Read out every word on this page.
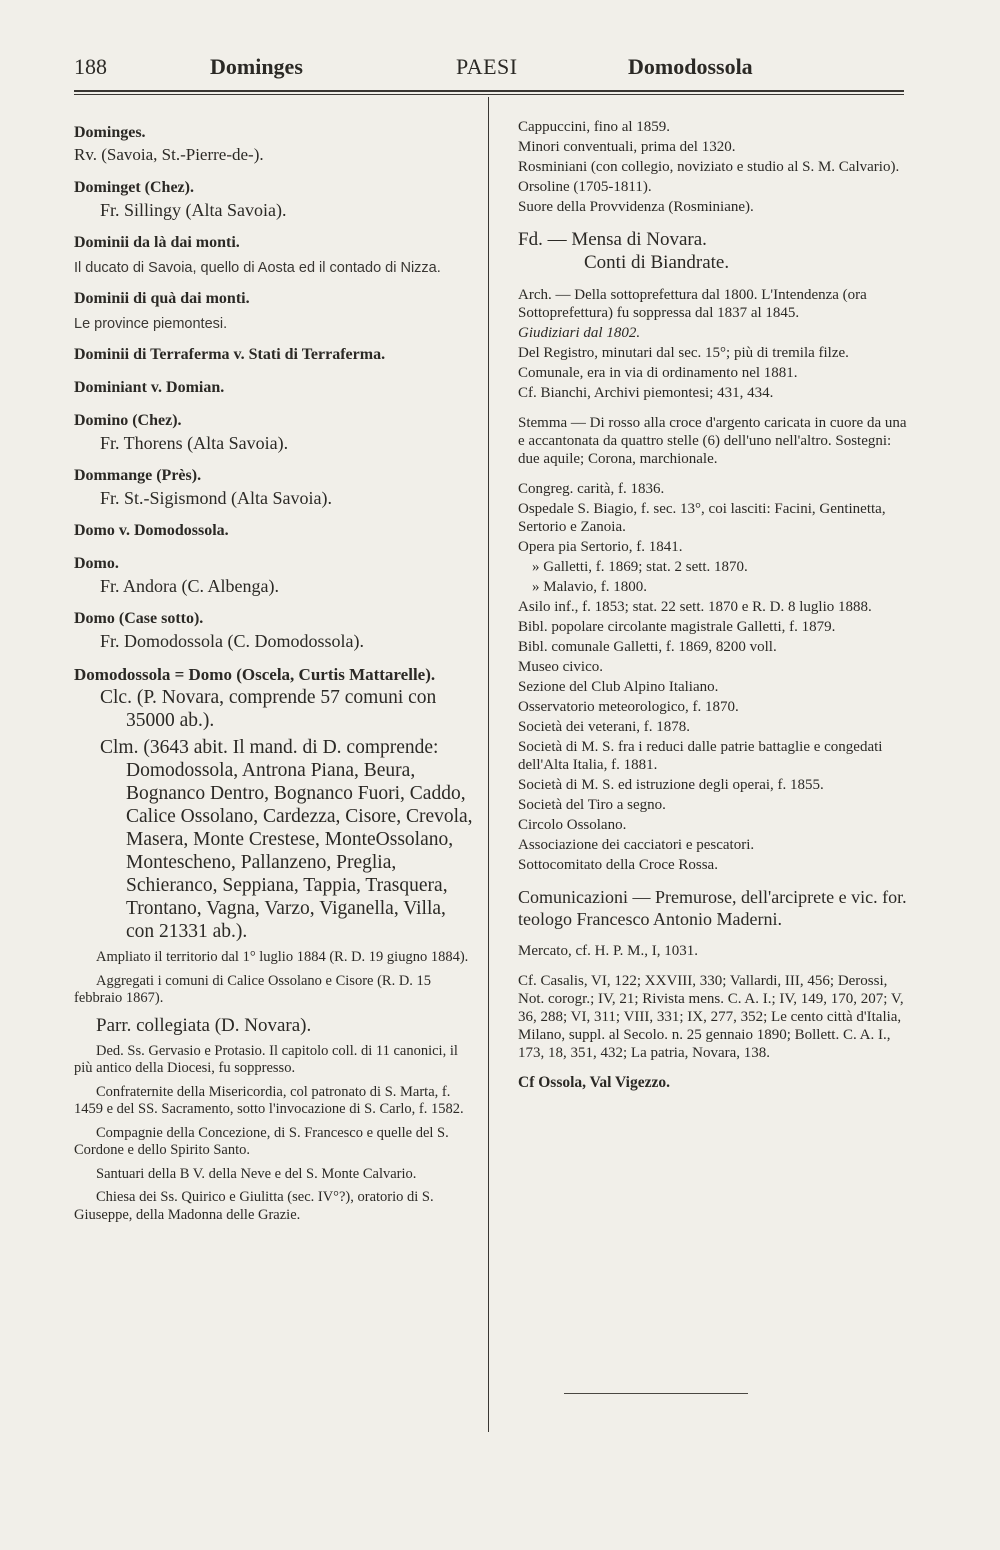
188	Dominges	PAESI	Domodossola
Dominges.
Rv. (Savoia, St.-Pierre-de-).
Dominget (Chez).
Fr. Sillingy (Alta Savoia).
Dominii da là dai monti.
Il ducato di Savoia, quello di Aosta ed il contado di Nizza.
Dominii di quà dai monti.
Le province piemontesi.
Dominii di Terraferma v. Stati di Terraferma.
Dominiant v. Domian.
Domino (Chez).
Fr. Thorens (Alta Savoia).
Dommange (Près).
Fr. St.-Sigismond (Alta Savoia).
Domo v. Domodossola.
Domo.
Fr. Andora (C. Albenga).
Domo (Case sotto).
Fr. Domodossola (C. Domodossola).
Domodossola = Domo (Oscela, Curtis Mattarelle).
Clc. (P. Novara, comprende 57 comuni con 35000 ab.).
Clm. (3643 abit. Il mand. di D. comprende: Domodossola, Antrona Piana, Beura, Bognanco Dentro, Bognanco Fuori, Caddo, Calice Ossolano, Cardezza, Cisore, Crevola, Masera, Monte Crestese, MonteOssolano, Montescheno, Pallanzeno, Preglia, Schieranco, Seppiana, Tappia, Trasquera, Trontano, Vagna, Varzo, Viganella, Villa, con 21331 ab.).
Ampliato il territorio dal 1° luglio 1884 (R. D. 19 giugno 1884).
Aggregati i comuni di Calice Ossolano e Cisore (R. D. 15 febbraio 1867).
Parr. collegiata (D. Novara).
Ded. Ss. Gervasio e Protasio. Il capitolo coll. di 11 canonici, il più antico della Diocesi, fu soppresso.
Confraternite della Misericordia, col patronato di S. Marta, f. 1459 e del SS. Sacramento, sotto l'invocazione di S. Carlo, f. 1582.
Compagnie della Concezione, di S. Francesco e quelle del S. Cordone e dello Spirito Santo.
Santuari della B V. della Neve e del S. Monte Calvario.
Chiesa dei Ss. Quirico e Giulitta (sec. IV°?), oratorio di S. Giuseppe, della Madonna delle Grazie.
Cappuccini, fino al 1859.
Minori conventuali, prima del 1320.
Rosminiani (con collegio, noviziato e studio al S. M. Calvario).
Orsoline (1705-1811).
Suore della Provvidenza (Rosminiane).
Fd. — Mensa di Novara.
Conti di Biandrate.
Arch. — Della sottoprefettura dal 1800. L'Intendenza (ora Sottoprefettura) fu soppressa dal 1837 al 1845.
Giudiziari dal 1802.
Del Registro, minutari dal sec. 15°; più di tremila filze.
Comunale, era in via di ordinamento nel 1881.
Cf. Bianchi, Archivi piemontesi; 431, 434.
Stemma — Di rosso alla croce d'argento caricata in cuore da una e accantonata da quattro stelle (6) dell'uno nell'altro. Sostegni: due aquile; Corona, marchionale.
Congreg. carità, f. 1836.
Ospedale S. Biagio, f. sec. 13°, coi lasciti: Facini, Gentinetta, Sertorio e Zanoia.
Opera pia Sertorio, f. 1841.
» Galletti, f. 1869; stat. 2 sett. 1870.
» Malavio, f. 1800.
Asilo inf., f. 1853; stat. 22 sett. 1870 e R. D. 8 luglio 1888.
Bibl. popolare circolante magistrale Galletti, f. 1879.
Bibl. comunale Galletti, f. 1869, 8200 voll.
Museo civico.
Sezione del Club Alpino Italiano.
Osservatorio meteorologico, f. 1870.
Società dei veterani, f. 1878.
Società di M. S. fra i reduci dalle patrie battaglie e congedati dell'Alta Italia, f. 1881.
Società di M. S. ed istruzione degli operai, f. 1855.
Società del Tiro a segno.
Circolo Ossolano.
Associazione dei cacciatori e pescatori.
Sottocomitato della Croce Rossa.
Comunicazioni — Premurose, dell'arciprete e vic. for. teologo Francesco Antonio Maderni.
Mercato, cf. H. P. M., I, 1031.
Cf. Casalis, VI, 122; XXVIII, 330; Vallardi, III, 456; Derossi, Not. corogr.; IV, 21; Rivista mens. C. A. I.; IV, 149, 170, 207; V, 36, 288; VI, 311; VIII, 331; IX, 277, 352; Le cento città d'Italia, Milano, suppl. al Secolo. n. 25 gennaio 1890; Bollett. C. A. I., 173, 18, 351, 432; La patria, Novara, 138.
Cf Ossola, Val Vigezzo.
